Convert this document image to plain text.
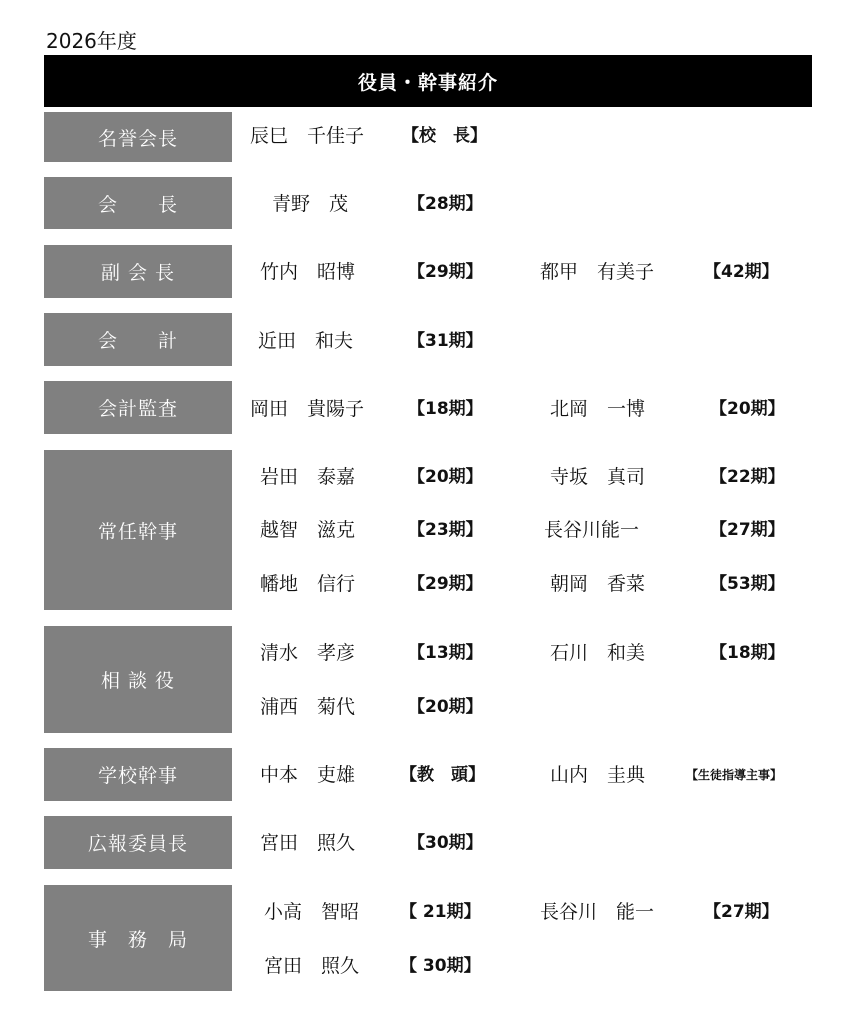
2026年度
役員・幹事紹介
名誉会長	辰巳　千佳子 【校　長】
会　　長	青野　茂	【28期】
副 会 長	竹内　昭博	【29期】	都甲　有美子	【42期】
会　　計	近田　和夫	【31期】
会計監査	岡田　貴陽子	【18期】	北岡　一博	【20期】
常任幹事
岩田　泰嘉	【20期】	寺坂　真司	【22期】
越智　滋克	【23期】	長谷川能一	【27期】
幡地　信行	【29期】	朝岡　香菜	【53期】
相 談 役
清水　孝彦	【13期】	石川　和美	【18期】
浦西　菊代	【20期】
学校幹事	中本　吏雄	【教　頭】	山内　圭典	【生徒指導主事】
広報委員長	宮田　照久	【30期】
事　務　局
小高　智昭 【 21期】	長谷川　能一	【27期】
宮田　照久 【 30期】
